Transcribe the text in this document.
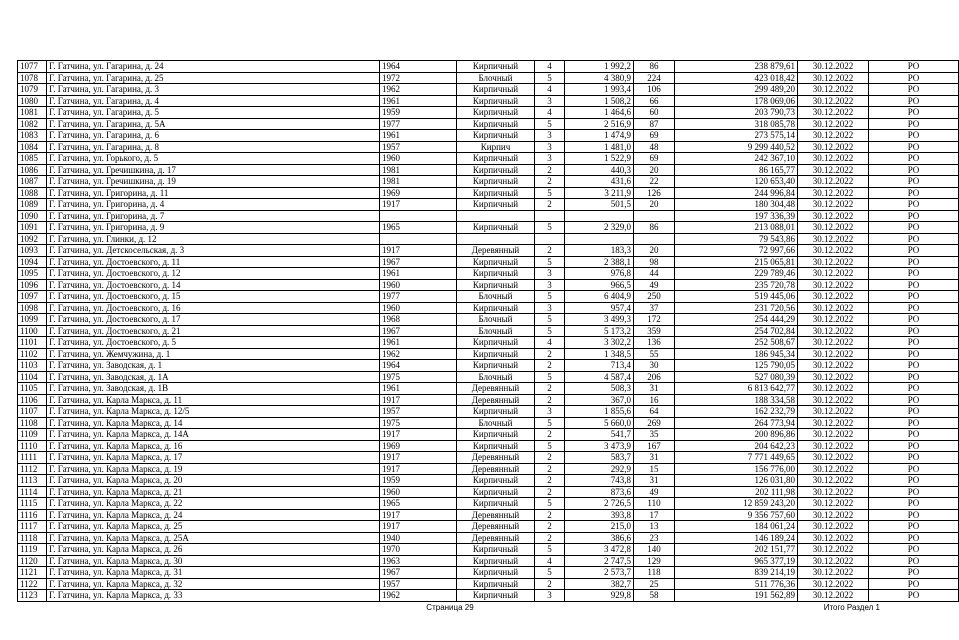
1077	Г. Гатчина, ул. Гагарина, д. 24	1964	Кирпичный	4	1 992,2	86	238 879,61	30.12.2022	РО
1078	Г. Гатчина, ул. Гагарина, д. 25	1972	Блочный	5	4 380,9	224	423 018,42	30.12.2022	РО
1079	Г. Гатчина, ул. Гагарина, д. 3	1962	Кирпичный	4	1 993,4	106	299 489,20	30.12.2022	РО
1080	Г. Гатчина, ул. Гагарина, д. 4	1961	Кирпичный	3	1 508,2	66	178 069,06	30.12.2022	РО
1081	Г. Гатчина, ул. Гагарина, д. 5	1959	Кирпичный	4	1 464,6	60	203 790,73	30.12.2022	РО
1082	Г. Гатчина, ул. Гагарина, д. 5А	1977	Кирпичный	5	2 516,9	87	318 085,78	30.12.2022	РО
1083	Г. Гатчина, ул. Гагарина, д. 6	1961	Кирпичный	3	1 474,9	69	273 575,14	30.12.2022	РО
1084	Г. Гатчина, ул. Гагарина, д. 8	1957	Кирпич	3	1 481,0	48	9 299 440,52	30.12.2022	РО
1085	Г. Гатчина, ул. Горького, д. 5	1960	Кирпичный	3	1 522,9	69	242 367,10	30.12.2022	РО
1086	Г. Гатчина, ул. Гречишкина, д. 17	1981	Кирпичный	2	440,3	20	86 165,77	30.12.2022	РО
1087	Г. Гатчина, ул. Гречишкина, д. 19	1981	Кирпичный	2	431,6	22	120 653,40	30.12.2022	РО
1088	Г. Гатчина, ул. Григорина, д. 11	1969	Кирпичный	5	3 211,9	126	244 996,84	30.12.2022	РО
1089	Г. Гатчина, ул. Григорина, д. 4	1917	Кирпичный	2	501,5	20	180 304,48	30.12.2022	РО
1090	Г. Гатчина, ул. Григорина, д. 7						197 336,39	30.12.2022	РО
1091	Г. Гатчина, ул. Григорина, д. 9	1965	Кирпичный	5	2 329,0	86	213 088,01	30.12.2022	РО
1092	Г. Гатчина, ул. Глинки, д. 12						79 543,86	30.12.2022	РО
1093	Г. Гатчина, ул. Детскосельская, д. 3	1917	Деревянный	2	183,3	20	72 997,66	30.12.2022	РО
1094	Г. Гатчина, ул. Достоевского, д. 11	1967	Кирпичный	5	2 388,1	98	215 065,81	30.12.2022	РО
1095	Г. Гатчина, ул. Достоевского, д. 12	1961	Кирпичный	3	976,8	44	229 789,46	30.12.2022	РО
1096	Г. Гатчина, ул. Достоевского, д. 14	1960	Кирпичный	3	966,5	49	235 720,78	30.12.2022	РО
1097	Г. Гатчина, ул. Достоевского, д. 15	1977	Блочный	5	6 404,9	250	519 445,06	30.12.2022	РО
1098	Г. Гатчина, ул. Достоевского, д. 16	1960	Кирпичный	3	957,4	37	231 720,56	30.12.2022	РО
1099	Г. Гатчина, ул. Достоевского, д. 17	1968	Блочный	5	3 499,3	172	254 444,29	30.12.2022	РО
1100	Г. Гатчина, ул. Достоевского, д. 21	1967	Блочный	5	5 173,2	359	254 702,84	30.12.2022	РО
1101	Г. Гатчина, ул. Достоевского, д. 5	1961	Кирпичный	4	3 302,2	136	252 508,67	30.12.2022	РО
1102	Г. Гатчина, ул. Жемчужина, д. 1	1962	Кирпичный	2	1 348,5	55	186 945,34	30.12.2022	РО
1103	Г. Гатчина, ул. Заводская, д. 1	1964	Кирпичный	2	713,4	30	125 790,05	30.12.2022	РО
1104	Г. Гатчина, ул. Заводская, д. 1А	1975	Блочный	5	4 587,4	206	527 080,39	30.12.2022	РО
1105	Г. Гатчина, ул. Заводская, д. 1В	1961	Деревянный	2	508,3	31	6 813 642,77	30.12.2022	РО
1106	Г. Гатчина, ул. Карла Маркса, д. 11	1917	Деревянный	2	367,0	16	188 334,58	30.12.2022	РО
1107	Г. Гатчина, ул. Карла Маркса, д. 12/5	1957	Кирпичный	3	1 855,6	64	162 232,79	30.12.2022	РО
1108	Г. Гатчина, ул. Карла Маркса, д. 14	1975	Блочный	5	5 660,0	269	264 773,94	30.12.2022	РО
1109	Г. Гатчина, ул. Карла Маркса, д. 14А	1917	Кирпичный	2	541,7	35	200 896,86	30.12.2022	РО
1110	Г. Гатчина, ул. Карла Маркса, д. 16	1969	Кирпичный	5	3 473,9	167	204 642,23	30.12.2022	РО
1111	Г. Гатчина, ул. Карла Маркса, д. 17	1917	Деревянный	2	583,7	31	7 771 449,65	30.12.2022	РО
1112	Г. Гатчина, ул. Карла Маркса, д. 19	1917	Деревянный	2	292,9	15	156 776,00	30.12.2022	РО
1113	Г. Гатчина, ул. Карла Маркса, д. 20	1959	Кирпичный	2	743,8	31	126 031,80	30.12.2022	РО
1114	Г. Гатчина, ул. Карла Маркса, д. 21	1960	Кирпичный	2	873,6	49	202 111,98	30.12.2022	РО
1115	Г. Гатчина, ул. Карла Маркса, д. 22	1965	Кирпичный	5	2 726,5	110	12 859 243,20	30.12.2022	РО
1116	Г. Гатчина, ул. Карла Маркса, д. 24	1917	Деревянный	2	393,8	17	9 356 757,60	30.12.2022	РО
1117	Г. Гатчина, ул. Карла Маркса, д. 25	1917	Деревянный	2	215,0	13	184 061,24	30.12.2022	РО
1118	Г. Гатчина, ул. Карла Маркса, д. 25А	1940	Деревянный	2	386,6	23	146 189,24	30.12.2022	РО
1119	Г. Гатчина, ул. Карла Маркса, д. 26	1970	Кирпичный	5	3 472,8	140	202 151,77	30.12.2022	РО
1120	Г. Гатчина, ул. Карла Маркса, д. 30	1963	Кирпичный	4	2 747,5	129	965 377,19	30.12.2022	РО
1121	Г. Гатчина, ул. Карла Маркса, д. 31	1967	Кирпичный	5	2 573,7	118	839 214,19	30.12.2022	РО
1122	Г. Гатчина, ул. Карла Маркса, д. 32	1957	Кирпичный	2	382,7	25	511 776,36	30.12.2022	РО
1123	Г. Гатчина, ул. Карла Маркса, д. 33	1962	Кирпичный	3	929,8	58	191 562,89	30.12.2022	РО
Страница 29	Итого Раздел 1
